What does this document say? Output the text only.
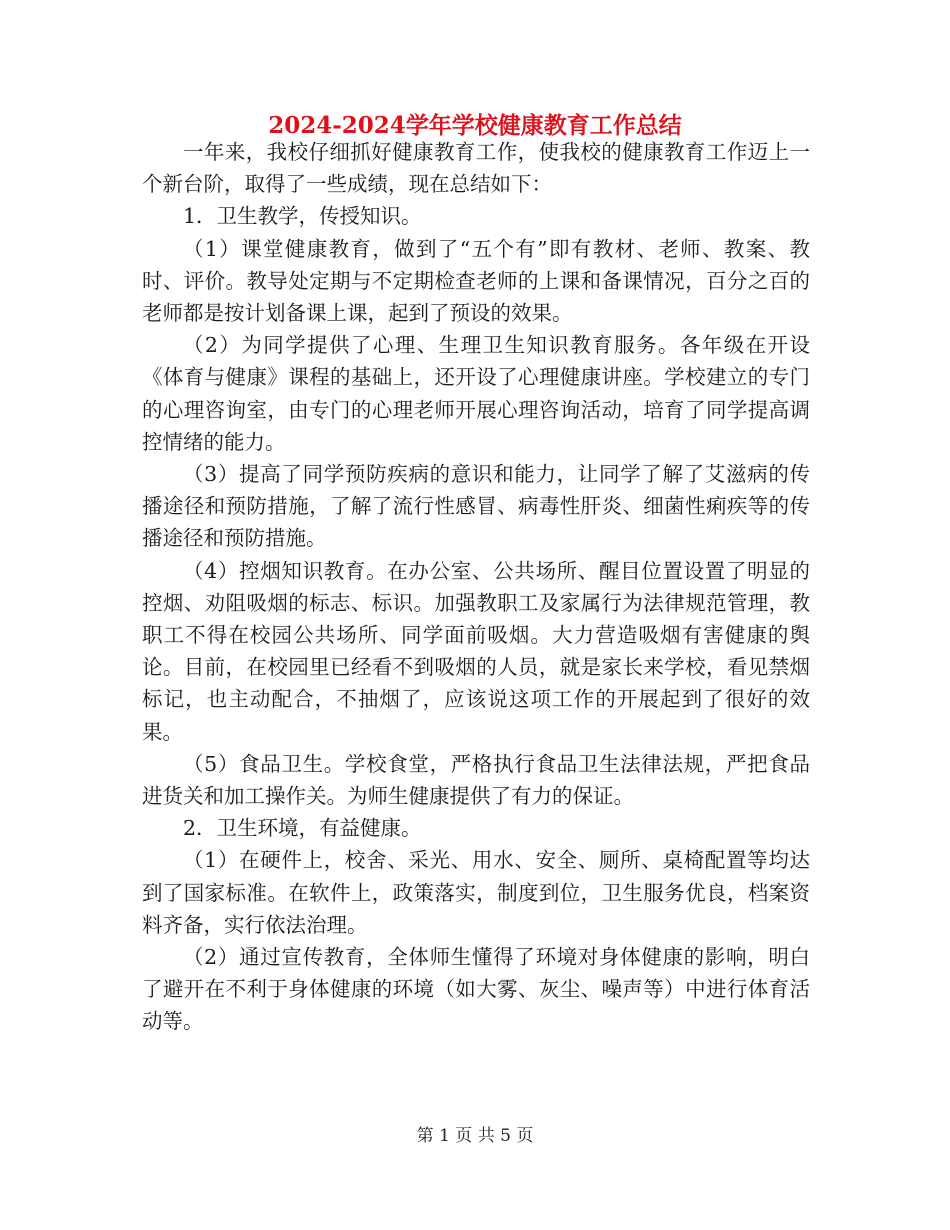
2024-2024学年学校健康教育工作总结

一年来，我校仔细抓好健康教育工作，使我校的健康教育工作迈上一个新台阶，取得了一些成绩，现在总结如下：

1．卫生教学，传授知识。

（1）课堂健康教育，做到了“五个有”即有教材、老师、教案、教时、评价。教导处定期与不定期检查老师的上课和备课情况，百分之百的老师都是按计划备课上课，起到了预设的效果。

（2）为同学提供了心理、生理卫生知识教育服务。各年级在开设《体育与健康》课程的基础上，还开设了心理健康讲座。学校建立的专门的心理咨询室，由专门的心理老师开展心理咨询活动，培育了同学提高调控情绪的能力。

（3）提高了同学预防疾病的意识和能力，让同学了解了艾滋病的传播途径和预防措施，了解了流行性感冒、病毒性肝炎、细菌性痢疾等的传播途径和预防措施。

（4）控烟知识教育。在办公室、公共场所、醒目位置设置了明显的控烟、劝阻吸烟的标志、标识。加强教职工及家属行为法律规范管理，教职工不得在校园公共场所、同学面前吸烟。大力营造吸烟有害健康的舆论。目前，在校园里已经看不到吸烟的人员，就是家长来学校，看见禁烟标记，也主动配合，不抽烟了，应该说这项工作的开展起到了很好的效果。

（5）食品卫生。学校食堂，严格执行食品卫生法律法规，严把食品进货关和加工操作关。为师生健康提供了有力的保证。

2．卫生环境，有益健康。

（1）在硬件上，校舍、采光、用水、安全、厕所、桌椅配置等均达到了国家标准。在软件上，政策落实，制度到位，卫生服务优良，档案资料齐备，实行依法治理。

（2）通过宣传教育，全体师生懂得了环境对身体健康的影响，明白了避开在不利于身体健康的环境（如大雾、灰尘、噪声等）中进行体育活动等。

第 1 页 共 5 页
